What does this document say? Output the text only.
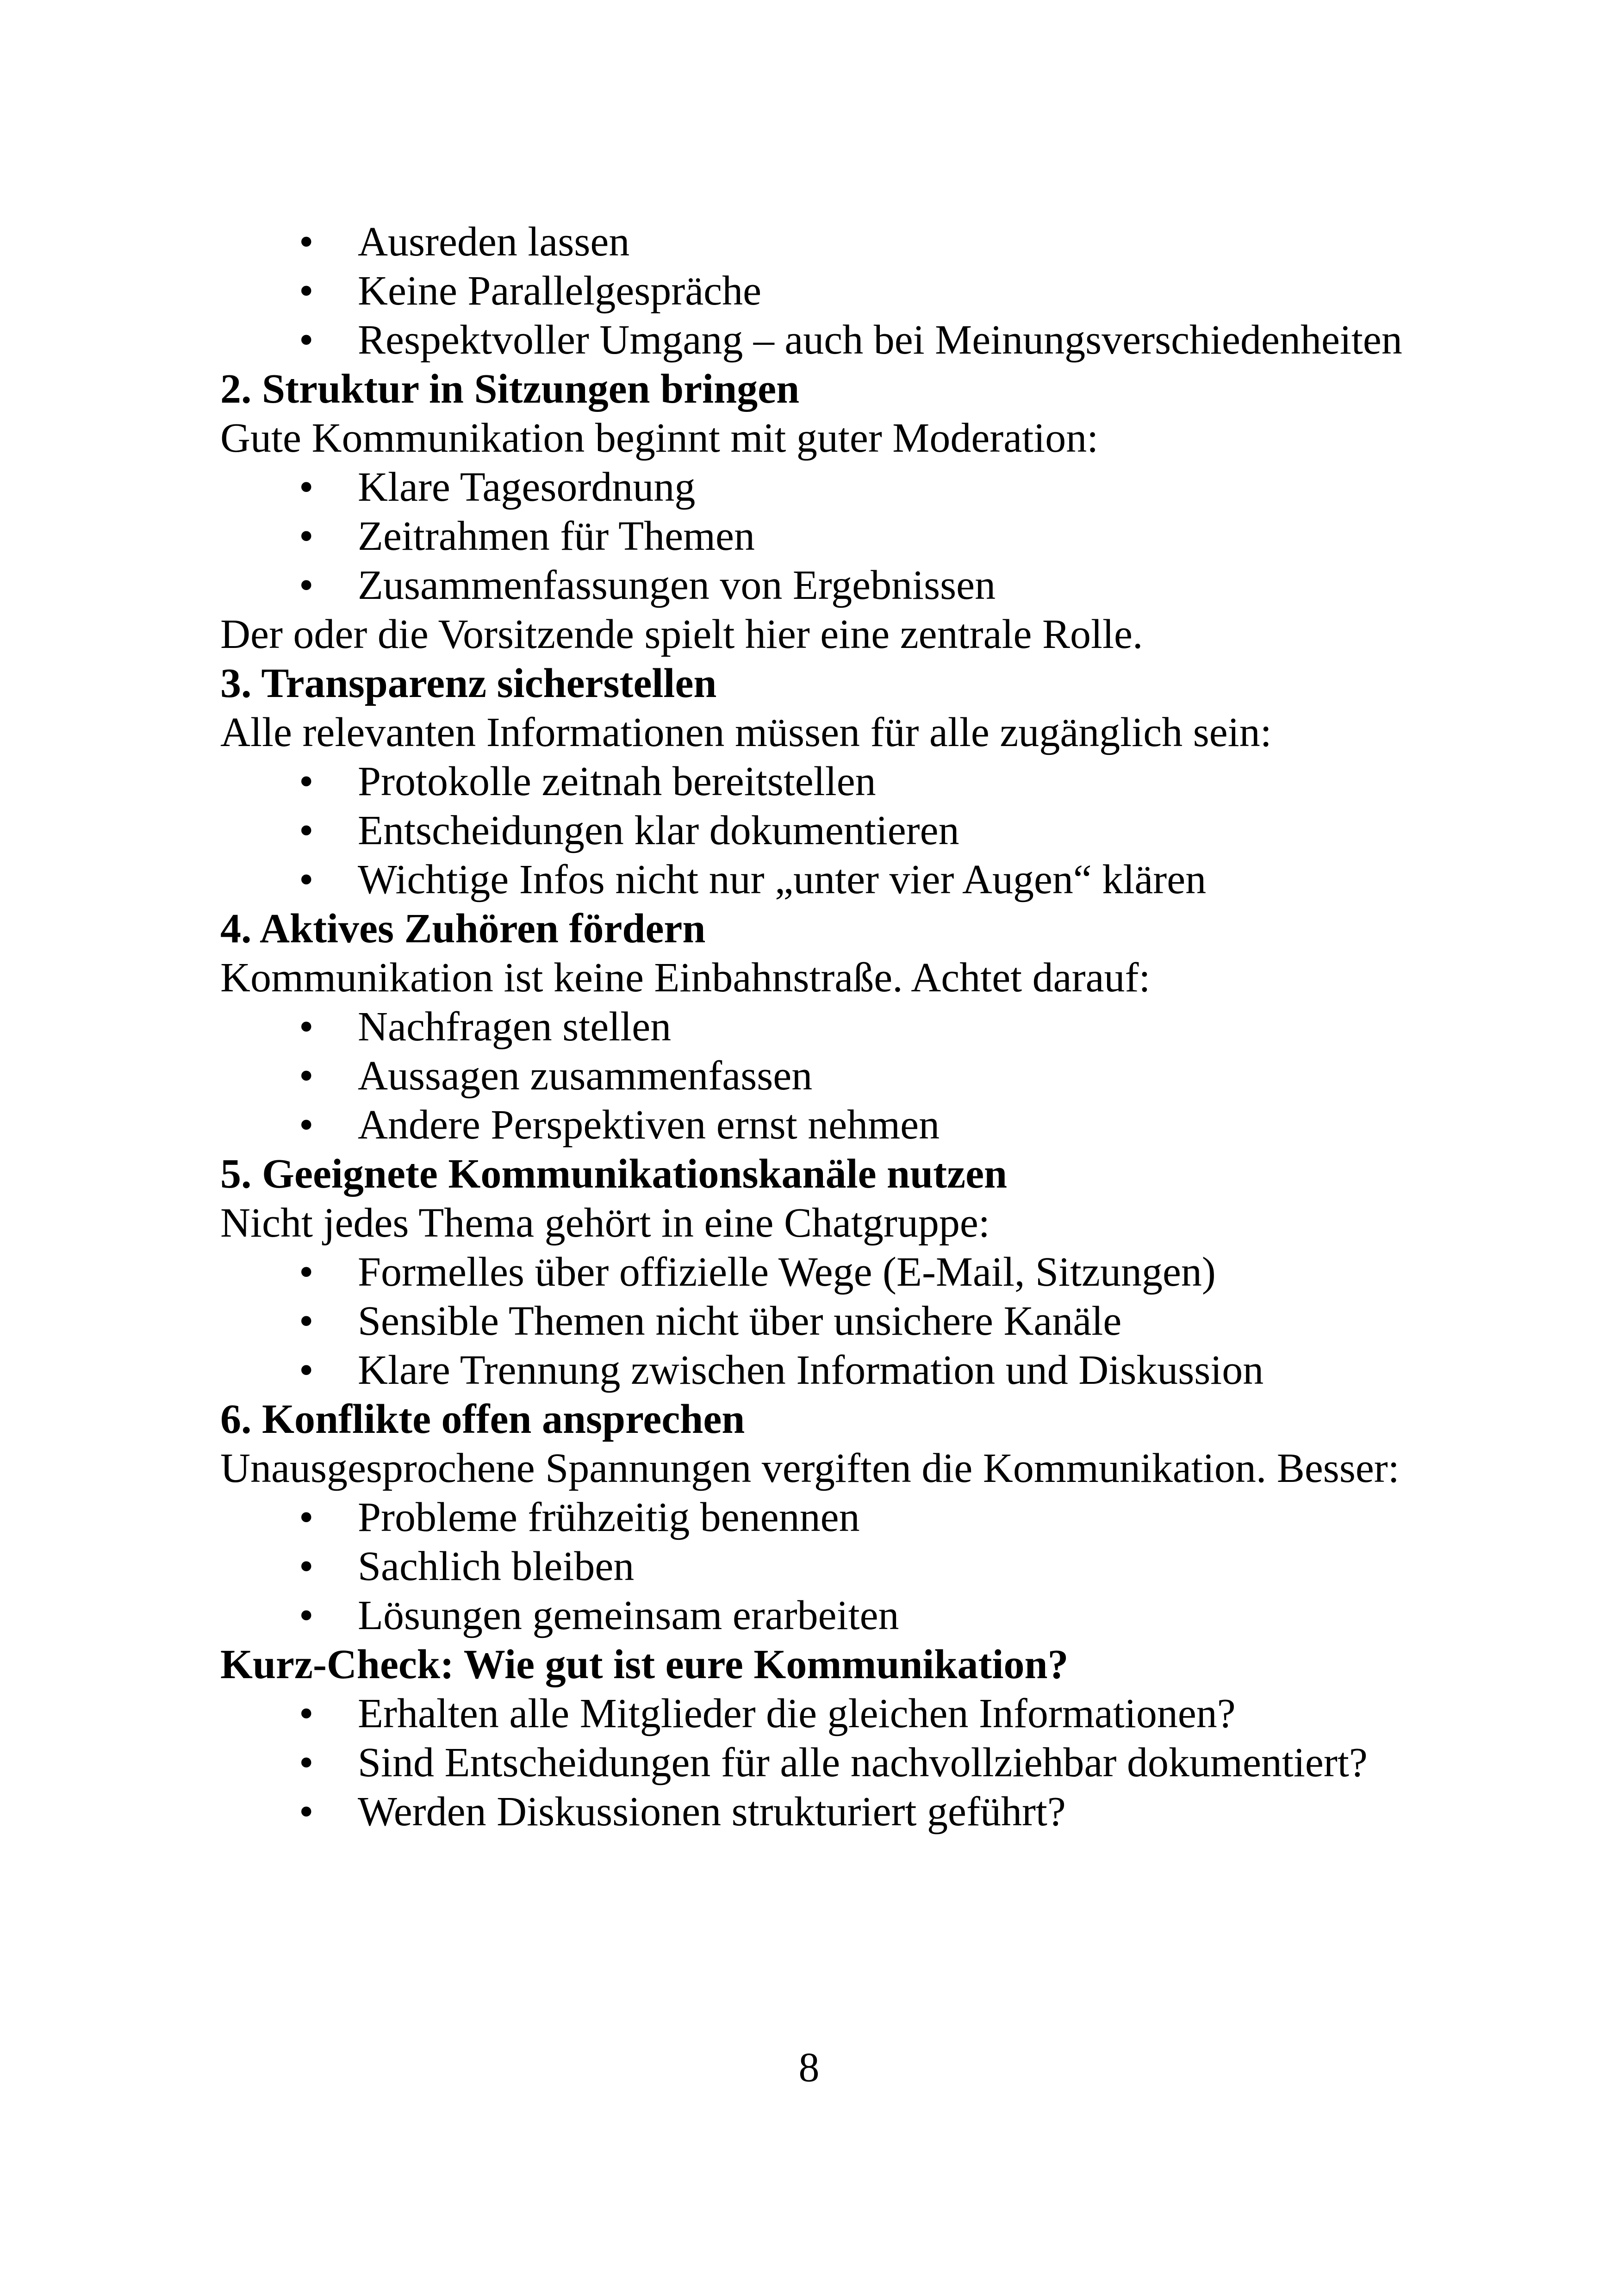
•	Ausreden lassen
•	Keine Parallelgespräche
•	Respektvoller Umgang – auch bei Meinungsverschiedenheiten

2. Struktur in Sitzungen bringen

Gute Kommunikation beginnt mit guter Moderation:

•	Klare Tagesordnung
•	Zeitrahmen für Themen
•	Zusammenfassungen von Ergebnissen

Der oder die Vorsitzende spielt hier eine zentrale Rolle.

3. Transparenz sicherstellen

Alle relevanten Informationen müssen für alle zugänglich sein:

•	Protokolle zeitnah bereitstellen
•	Entscheidungen klar dokumentieren
•	Wichtige Infos nicht nur „unter vier Augen“ klären

4. Aktives Zuhören fördern

Kommunikation ist keine Einbahnstraße. Achtet darauf:

•	Nachfragen stellen
•	Aussagen zusammenfassen
•	Andere Perspektiven ernst nehmen

5. Geeignete Kommunikationskanäle nutzen

Nicht jedes Thema gehört in eine Chatgruppe:

•	Formelles über offizielle Wege (E-Mail, Sitzungen)
•	Sensible Themen nicht über unsichere Kanäle
•	Klare Trennung zwischen Information und Diskussion

6. Konflikte offen ansprechen

Unausgesprochene Spannungen vergiften die Kommunikation. Besser:

•	Probleme frühzeitig benennen
•	Sachlich bleiben
•	Lösungen gemeinsam erarbeiten

Kurz-Check: Wie gut ist eure Kommunikation?

•	Erhalten alle Mitglieder die gleichen Informationen?
•	Sind Entscheidungen für alle nachvollziehbar dokumentiert?
•	Werden Diskussionen strukturiert geführt?
8
